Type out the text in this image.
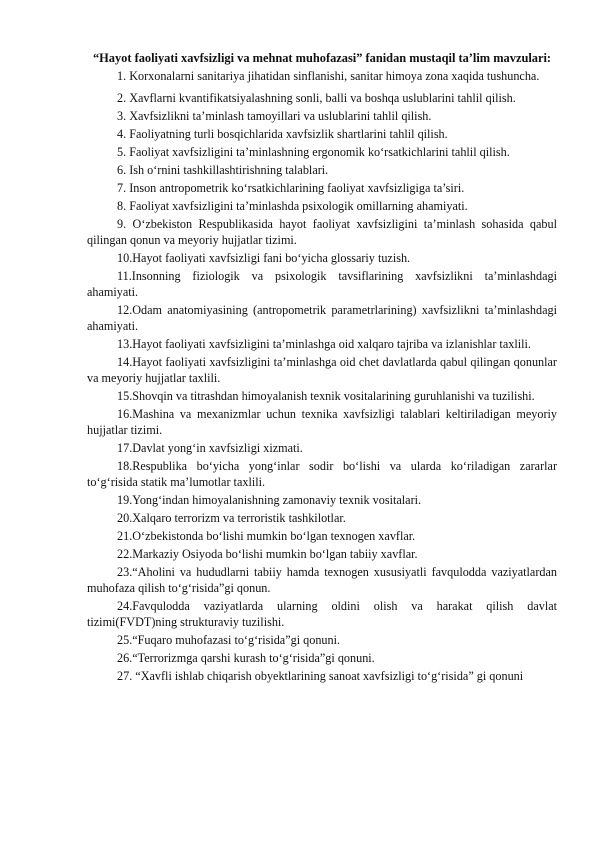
“Hayot faoliyati xavfsizligi va mehnat muhofazasi” fanidan mustaqil ta’lim mavzulari:

1. Korxonalarni sanitariya jihatidan sinflanishi, sanitar himoya zona xaqida tushuncha.

2. Xavflarni kvantifikatsiyalashning sonli, balli va boshqa uslublarini tahlil qilish.

3. Xavfsizlikni ta’minlash tamoyillari va uslublarini tahlil qilish.

4. Faoliyatning turli bosqichlarida xavfsizlik shartlarini tahlil qilish.

5. Faoliyat xavfsizligini ta’minlashning ergonomik ko‘rsatkichlarini tahlil qilish.

6. Ish o‘rnini tashkillashtirishning talablari.

7. Inson antropometrik ko‘rsatkichlarining faoliyat xavfsizligiga ta’siri.

8. Faoliyat xavfsizligini ta’minlashda psixologik omillarning ahamiyati.

9. O‘zbekiston Respublikasida hayot faoliyat xavfsizligini ta’minlash sohasida qabul qilingan qonun va meyoriy hujjatlar tizimi.

10.Hayot faoliyati xavfsizligi fani bo‘yicha glossariy tuzish.

11.Insonning fiziologik va psixologik tavsiflarining xavfsizlikni ta’minlashdagi ahamiyati.

12.Odam anatomiyasining (antropometrik parametrlarining) xavfsizlikni ta’minlashdagi ahamiyati.

13.Hayot faoliyati xavfsizligini ta’minlashga oid xalqaro tajriba va izlanishlar taxlili.

14.Hayot faoliyati xavfsizligini ta’minlashga oid chet davlatlarda qabul qilingan qonunlar va meyoriy hujjatlar taxlili.

15.Shovqin va titrashdan himoyalanish texnik vositalarining guruhlanishi va tuzilishi.

16.Mashina va mexanizmlar uchun texnika xavfsizligi talablari keltiriladigan meyoriy hujjatlar tizimi.

17.Davlat yong‘in xavfsizligi xizmati.

18.Respublika bo‘yicha yong‘inlar sodir bo‘lishi va ularda ko‘riladigan zararlar to‘g‘risida statik ma’lumotlar taxlili.

19.Yong‘indan himoyalanishning zamonaviy texnik vositalari.

20.Xalqaro terrorizm va terroristik tashkilotlar.

21.O‘zbekistonda bo‘lishi mumkin bo‘lgan texnogen xavflar.

22.Markaziy Osiyoda bo‘lishi mumkin bo‘lgan tabiiy xavflar.

23.“Aholini va hududlarni tabiiy hamda texnogen xususiyatli favqulodda vaziyatlardan muhofaza qilish to‘g‘risida”gi qonun.

24.Favqulodda vaziyatlarda ularning oldini olish va harakat qilish davlat tizimi(FVDT)ning strukturaviy tuzilishi.

25.“Fuqaro muhofazasi to‘g‘risida”gi qonuni.

26.“Terrorizmga qarshi kurash to‘g‘risida”gi qonuni.

27. “Xavfli ishlab chiqarish obyektlarining sanoat xavfsizligi to‘g‘risida” gi qonuni
